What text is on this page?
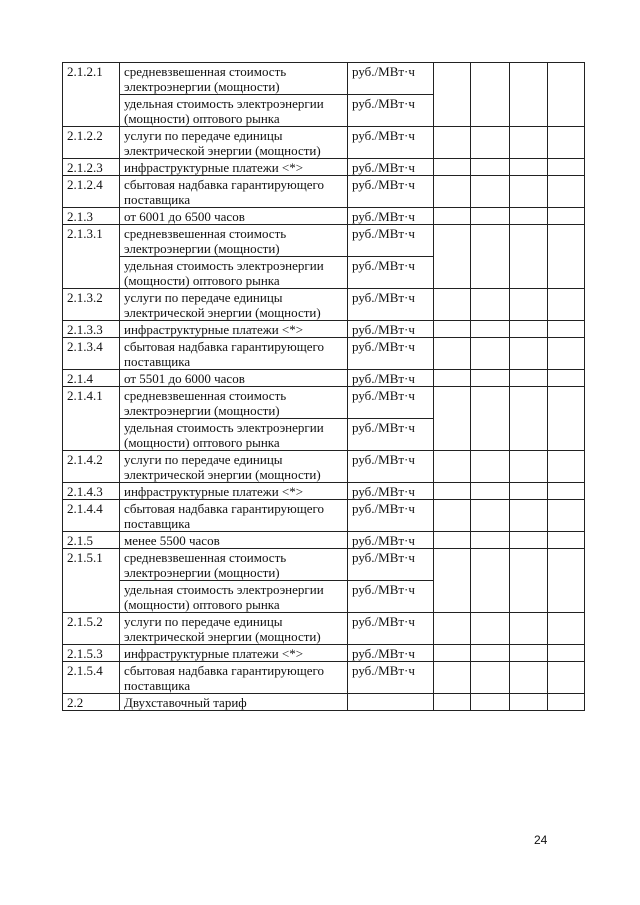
2.1.2.1	средневзвешенная стоимость электроэнергии (мощности)	руб./МВт·ч				
	удельная стоимость электроэнергии (мощности) оптового рынка	руб./МВт·ч				
2.1.2.2	услуги по передаче единицы электрической энергии (мощности)	руб./МВт·ч				
2.1.2.3	инфраструктурные платежи <*>	руб./МВт·ч				
2.1.2.4	сбытовая надбавка гарантирующего поставщика	руб./МВт·ч				
2.1.3	от 6001 до 6500 часов	руб./МВт·ч				
2.1.3.1	средневзвешенная стоимость электроэнергии (мощности)	руб./МВт·ч				
	удельная стоимость электроэнергии (мощности) оптового рынка	руб./МВт·ч				
2.1.3.2	услуги по передаче единицы электрической энергии (мощности)	руб./МВт·ч				
2.1.3.3	инфраструктурные платежи <*>	руб./МВт·ч				
2.1.3.4	сбытовая надбавка гарантирующего поставщика	руб./МВт·ч				
2.1.4	от 5501 до 6000 часов	руб./МВт·ч				
2.1.4.1	средневзвешенная стоимость электроэнергии (мощности)	руб./МВт·ч				
	удельная стоимость электроэнергии (мощности) оптового рынка	руб./МВт·ч				
2.1.4.2	услуги по передаче единицы электрической энергии (мощности)	руб./МВт·ч				
2.1.4.3	инфраструктурные платежи <*>	руб./МВт·ч				
2.1.4.4	сбытовая надбавка гарантирующего поставщика	руб./МВт·ч				
2.1.5	менее 5500 часов	руб./МВт·ч				
2.1.5.1	средневзвешенная стоимость электроэнергии (мощности)	руб./МВт·ч				
	удельная стоимость электроэнергии (мощности) оптового рынка	руб./МВт·ч				
2.1.5.2	услуги по передаче единицы электрической энергии (мощности)	руб./МВт·ч				
2.1.5.3	инфраструктурные платежи <*>	руб./МВт·ч				
2.1.5.4	сбытовая надбавка гарантирующего поставщика	руб./МВт·ч				
2.2	Двухставочный тариф					
24
